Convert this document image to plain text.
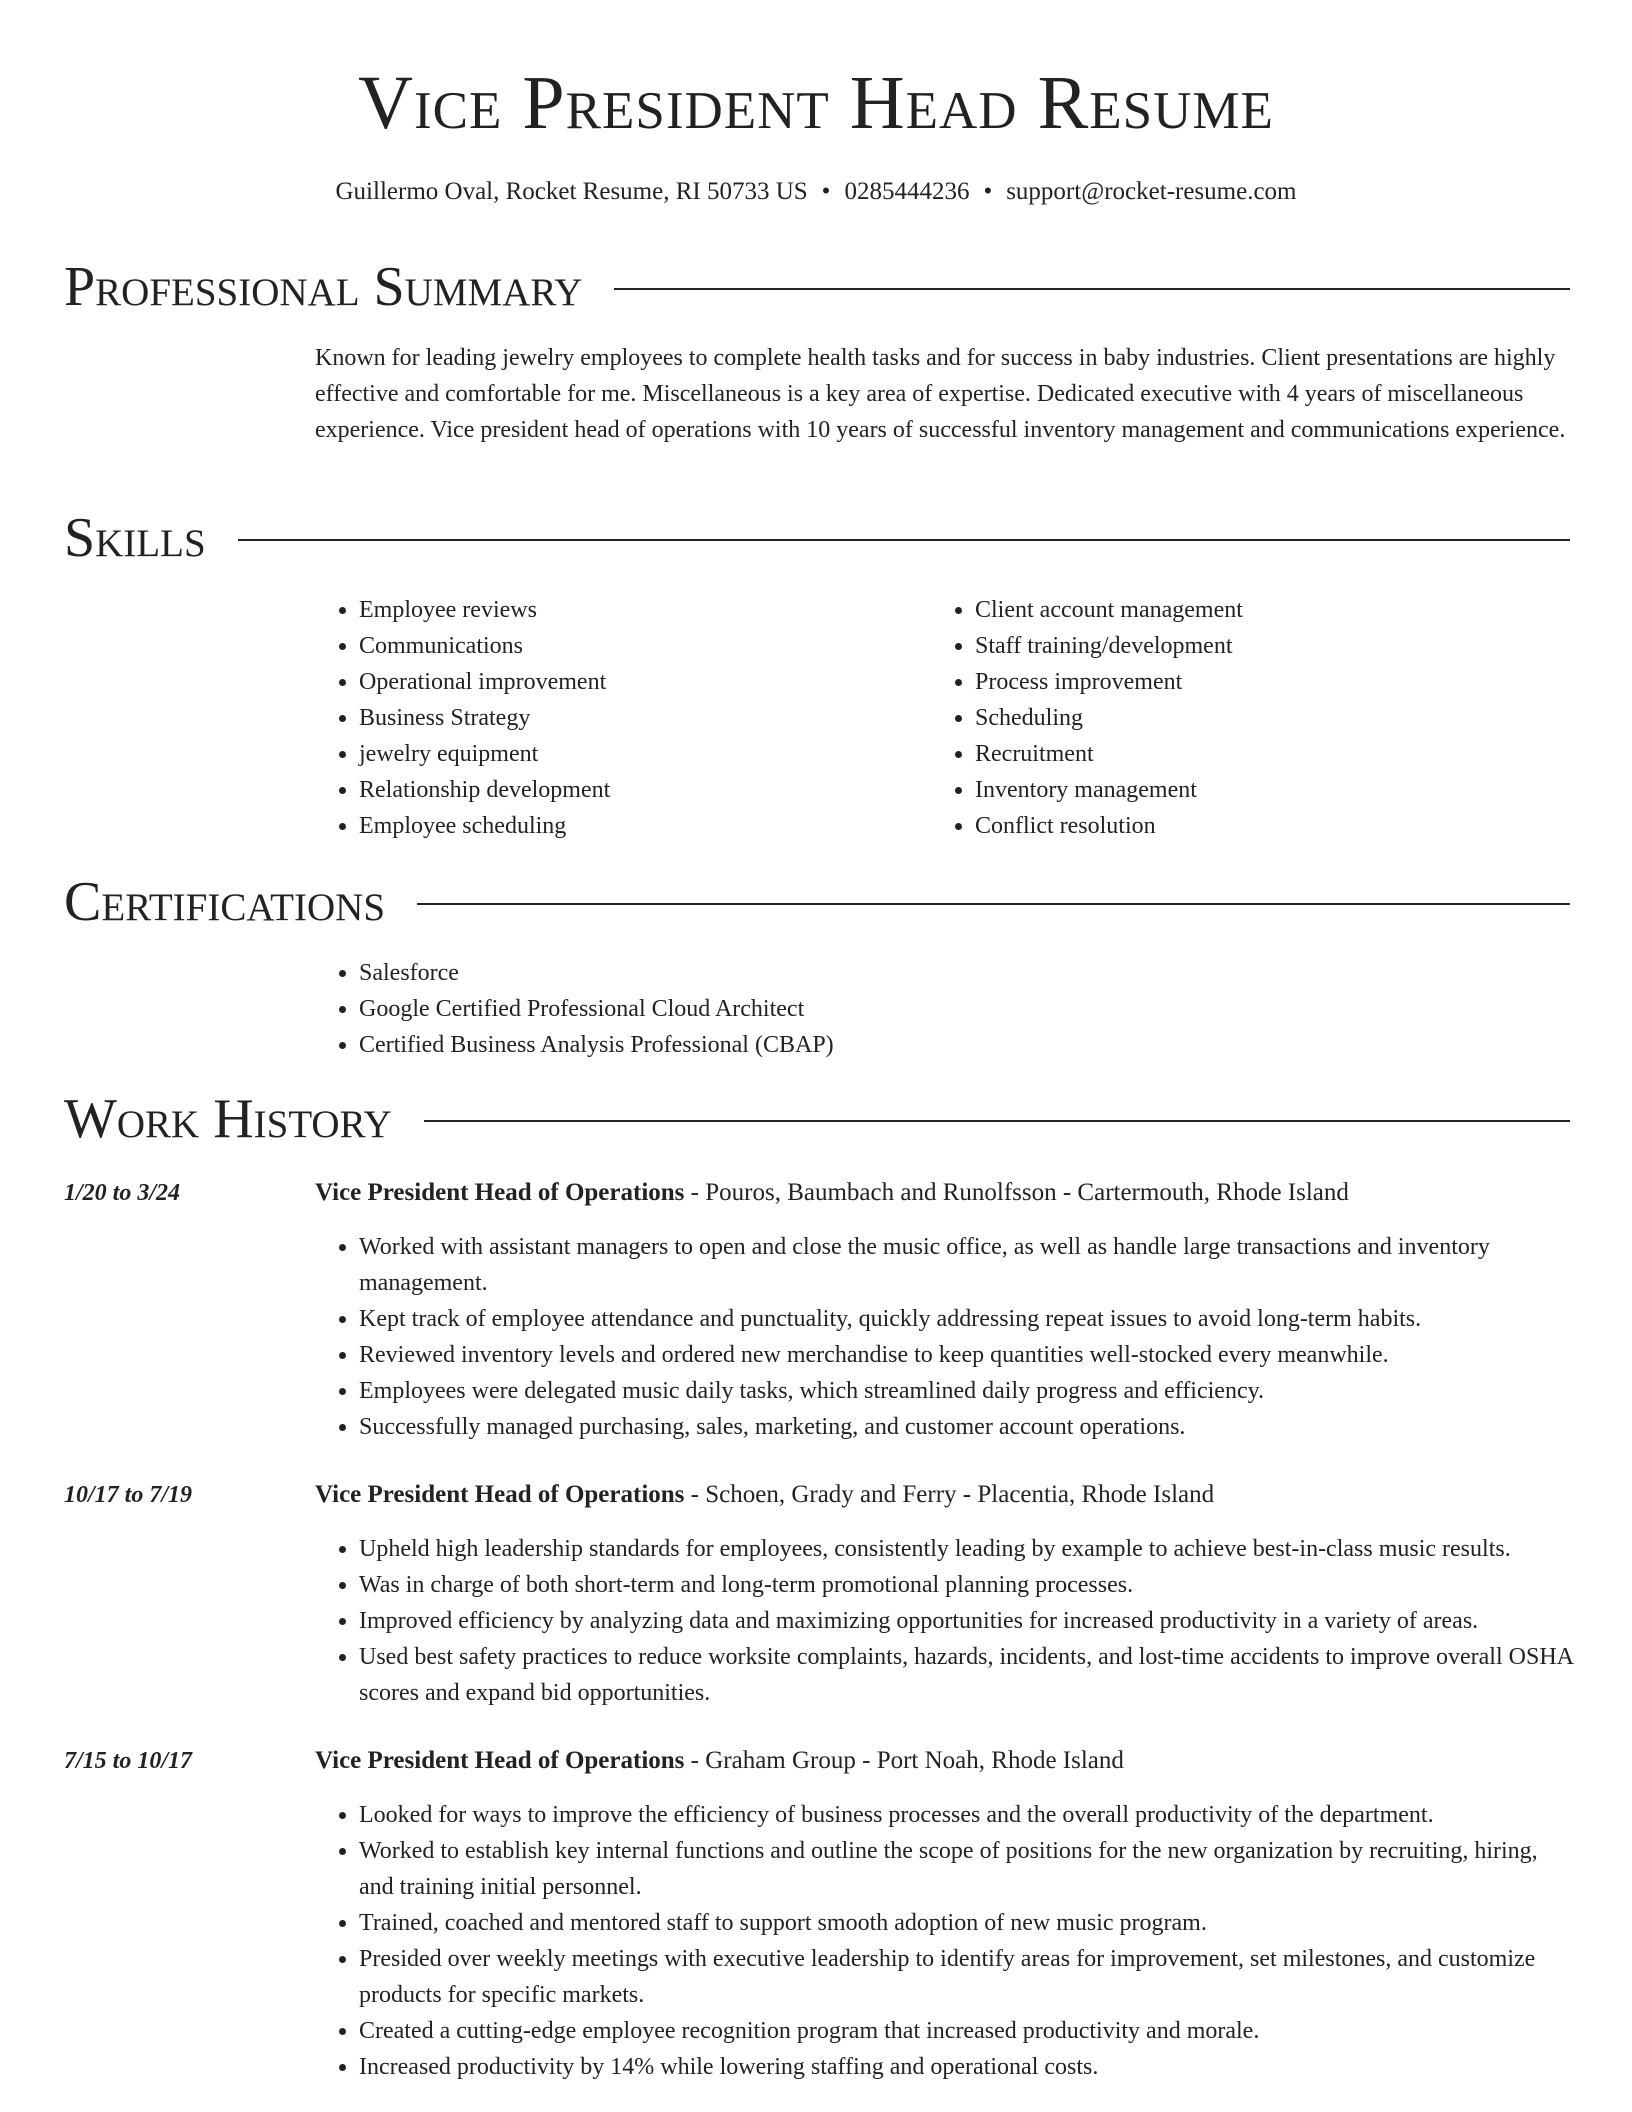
Vice President Head Resume
Guillermo Oval, Rocket Resume, RI 50733 US • 0285444236 • support@rocket-resume.com
Professional Summary
Known for leading jewelry employees to complete health tasks and for success in baby industries. Client presentations are highly effective and comfortable for me. Miscellaneous is a key area of expertise. Dedicated executive with 4 years of miscellaneous experience. Vice president head of operations with 10 years of successful inventory management and communications experience.
Skills
• Employee reviews
• Communications
• Operational improvement
• Business Strategy
• jewelry equipment
• Relationship development
• Employee scheduling
• Client account management
• Staff training/development
• Process improvement
• Scheduling
• Recruitment
• Inventory management
• Conflict resolution
Certifications
• Salesforce
• Google Certified Professional Cloud Architect
• Certified Business Analysis Professional (CBAP)
Work History
1/20 to 3/24	Vice President Head of Operations - Pouros, Baumbach and Runolfsson - Cartermouth, Rhode Island
• Worked with assistant managers to open and close the music office, as well as handle large transactions and inventory management.
• Kept track of employee attendance and punctuality, quickly addressing repeat issues to avoid long-term habits.
• Reviewed inventory levels and ordered new merchandise to keep quantities well-stocked every meanwhile.
• Employees were delegated music daily tasks, which streamlined daily progress and efficiency.
• Successfully managed purchasing, sales, marketing, and customer account operations.
10/17 to 7/19	Vice President Head of Operations - Schoen, Grady and Ferry - Placentia, Rhode Island
• Upheld high leadership standards for employees, consistently leading by example to achieve best-in-class music results.
• Was in charge of both short-term and long-term promotional planning processes.
• Improved efficiency by analyzing data and maximizing opportunities for increased productivity in a variety of areas.
• Used best safety practices to reduce worksite complaints, hazards, incidents, and lost-time accidents to improve overall OSHA scores and expand bid opportunities.
7/15 to 10/17	Vice President Head of Operations - Graham Group - Port Noah, Rhode Island
• Looked for ways to improve the efficiency of business processes and the overall productivity of the department.
• Worked to establish key internal functions and outline the scope of positions for the new organization by recruiting, hiring, and training initial personnel.
• Trained, coached and mentored staff to support smooth adoption of new music program.
• Presided over weekly meetings with executive leadership to identify areas for improvement, set milestones, and customize products for specific markets.
• Created a cutting-edge employee recognition program that increased productivity and morale.
• Increased productivity by 14% while lowering staffing and operational costs.
